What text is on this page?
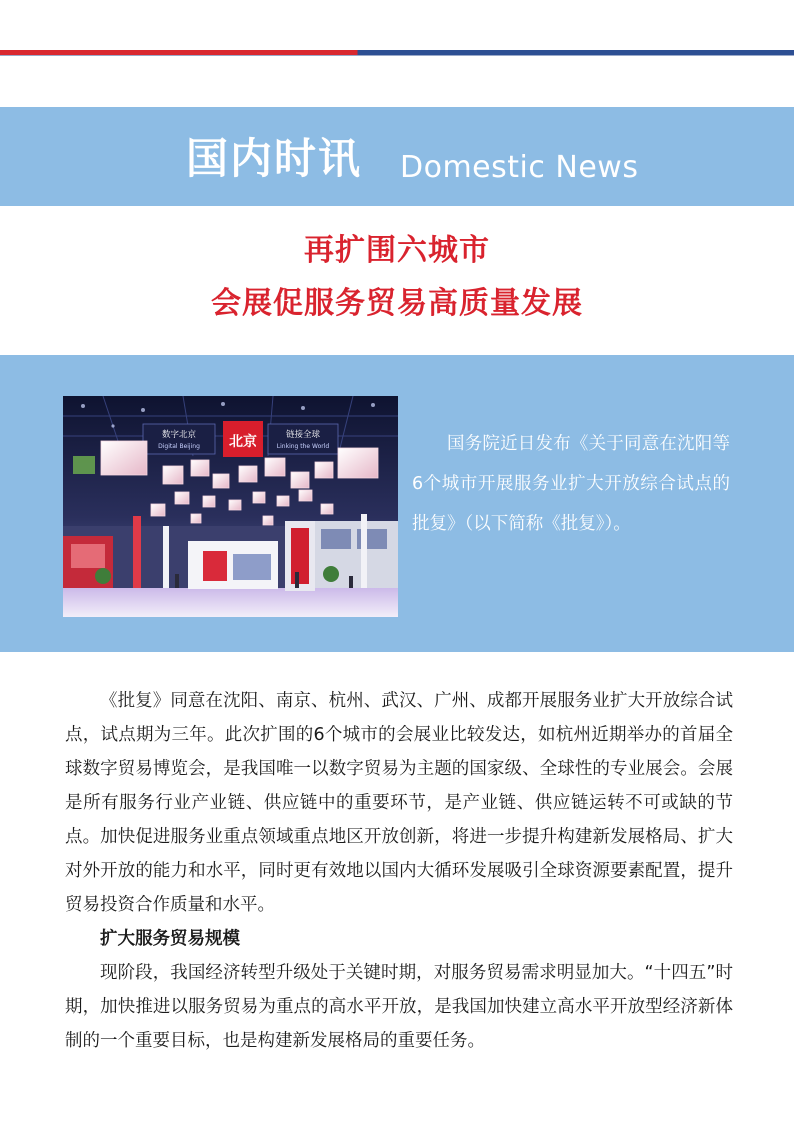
国内时讯 Domestic News
再扩围六城市
会展促服务贸易高质量发展
数字北京
Digital Beijing
链接全球
Linking the World
北京	国务院近日发布《关于同意在沈阳等6个城市开展服务业扩大开放综合试点的批复》（以下简称《批复》）。

《批复》同意在沈阳、南京、杭州、武汉、广州、成都开展服务业扩大开放综合试点，试点期为三年。此次扩围的6个城市的会展业比较发达，如杭州近期举办的首届全球数字贸易博览会，是我国唯一以数字贸易为主题的国家级、全球性的专业展会。会展是所有服务行业产业链、供应链中的重要环节，是产业链、供应链运转不可或缺的节点。加快促进服务业重点领域重点地区开放创新，将进一步提升构建新发展格局、扩大对外开放的能力和水平，同时更有效地以国内大循环发展吸引全球资源要素配置，提升贸易投资合作质量和水平。

扩大服务贸易规模

现阶段，我国经济转型升级处于关键时期，对服务贸易需求明显加大。“十四五”时期，加快推进以服务贸易为重点的高水平开放，是我国加快建立高水平开放型经济新体制的一个重要目标，也是构建新发展格局的重要任务。
